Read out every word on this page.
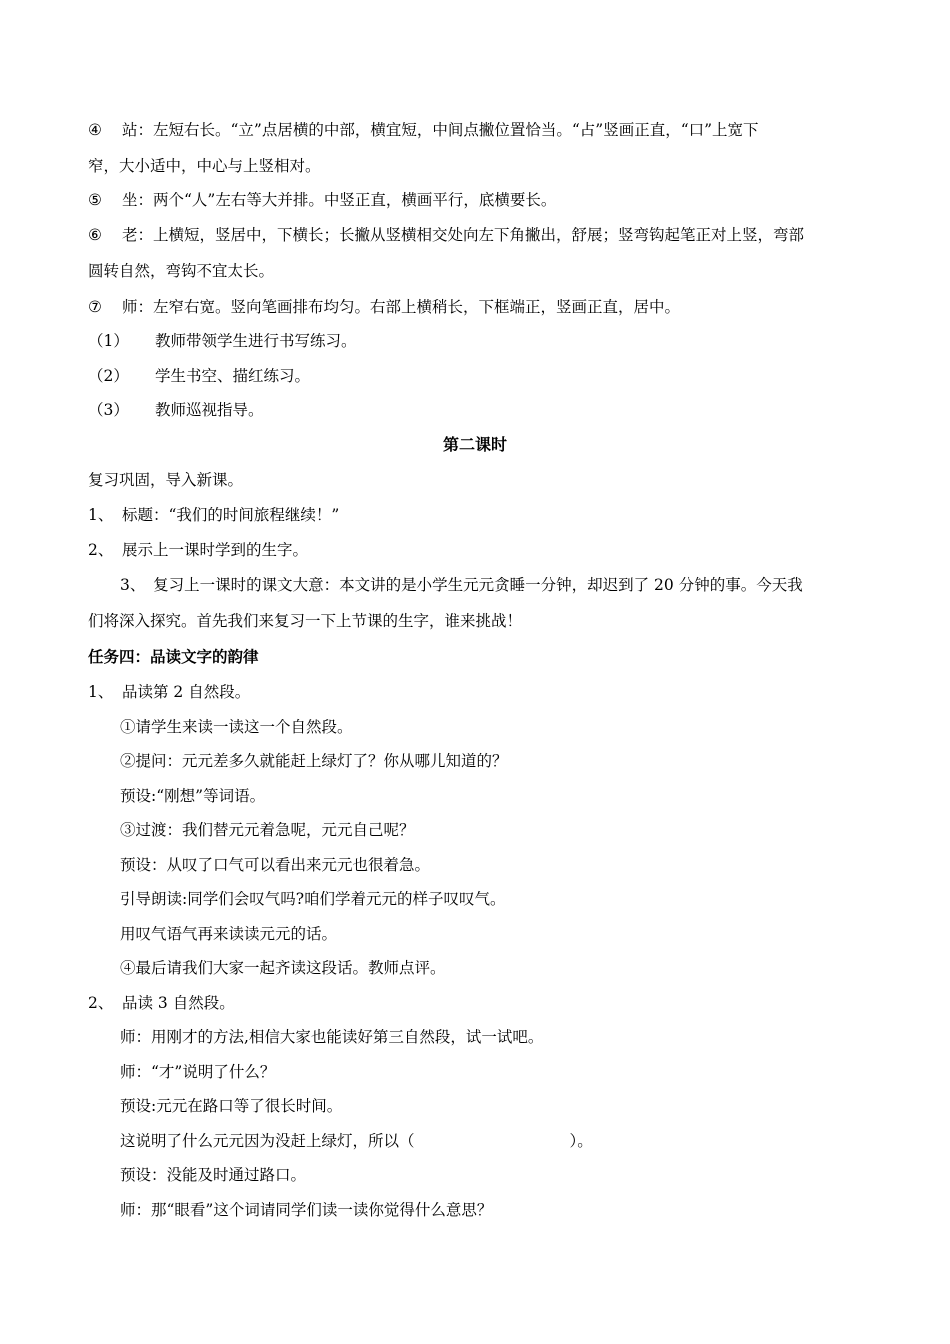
④ 站：左短右长。“立”点居横的中部，横宜短，中间点撇位置恰当。“占”竖画正直，“口”上宽下
窄，大小适中，中心与上竖相对。
⑤ 坐：两个“人”左右等大并排。中竖正直，横画平行，底横要长。
⑥ 老：上横短，竖居中，下横长；长撇从竖横相交处向左下角撇出，舒展；竖弯钩起笔正对上竖，弯部
圆转自然，弯钩不宜太长。
⑦ 师：左窄右宽。竖向笔画排布均匀。右部上横稍长，下框端正，竖画正直，居中。
（1） 教师带领学生进行书写练习。
（2） 学生书空、描红练习。
（3） 教师巡视指导。
第二课时
复习巩固，导入新课。
1、 标题：“我们的时间旅程继续！”
2、 展示上一课时学到的生字。
3、　复习上一课时的课文大意：本文讲的是小学生元元贪睡一分钟，却迟到了 20 分钟的事。今天我
们将深入探究。首先我们来复习一下上节课的生字，谁来挑战！
任务四：品读文字的韵律
1、 品读第 2 自然段。
①请学生来读一读这一个自然段。
②提问：元元差多久就能赶上绿灯了？你从哪儿知道的？
预设:“刚想”等词语。
③过渡：我们替元元着急呢，元元自己呢？
预设：从叹了口气可以看出来元元也很着急。
引导朗读:同学们会叹气吗?咱们学着元元的样子叹叹气。
用叹气语气再来读读元元的话。
④最后请我们大家一起齐读这段话。教师点评。
2、 品读 3 自然段。
师：用刚才的方法,相信大家也能读好第三自然段，试一试吧。
师：“才”说明了什么？
预设:元元在路口等了很长时间。
这说明了什么元元因为没赶上绿灯，所以（　　　　　　　　　　）。
预设：没能及时通过路口。
师：那“眼看”这个词请同学们读一读你觉得什么意思？
